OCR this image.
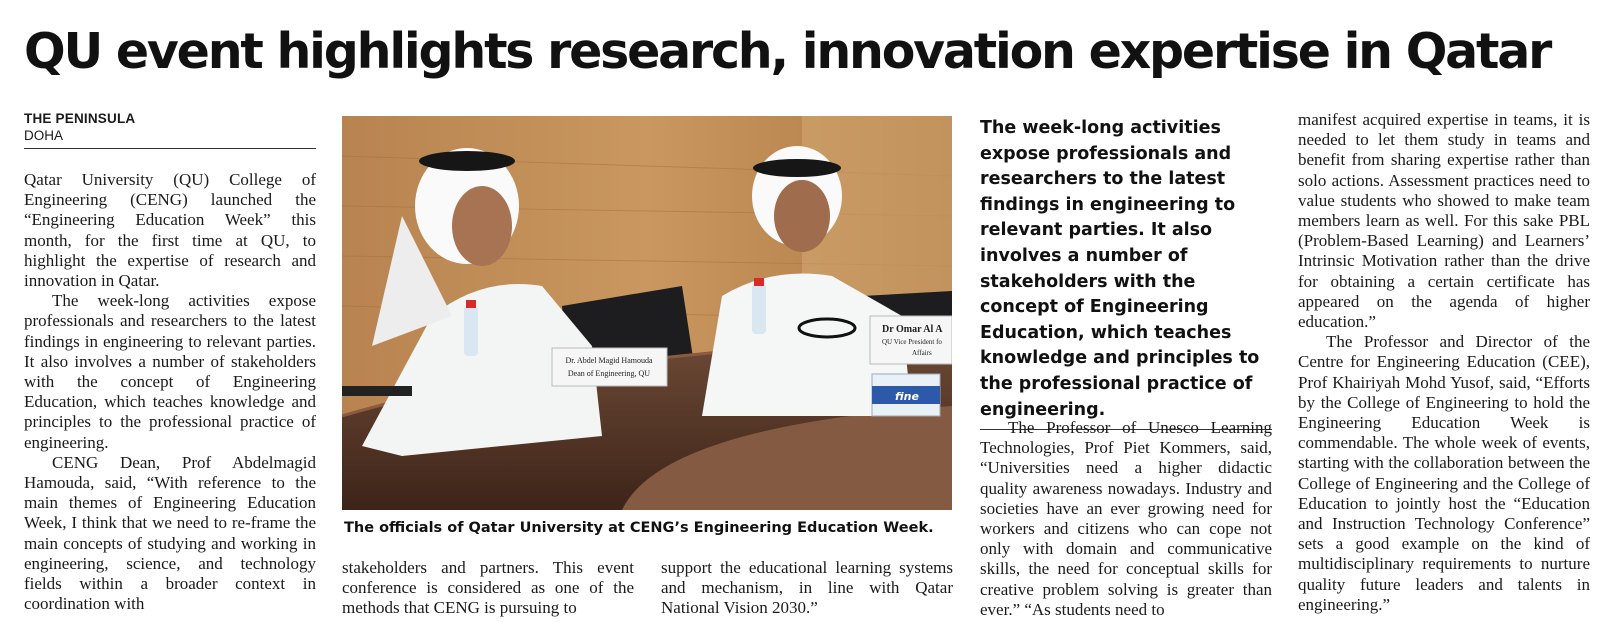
QU event highlights research, innovation expertise in Qatar
THE PENINSULA
DOHA

Qatar University (QU) College of Engineering (CENG) launched the “Engineering Education Week” this month, for the first time at QU, to highlight the expertise of research and innovation in Qatar.

The week-long activities expose professionals and researchers to the latest findings in engineering to relevant parties. It also involves a number of stakeholders with the concept of Engineering Education, which teaches knowledge and principles to the professional practice of engineering.

CENG Dean, Prof Abdelmagid Hamouda, said, “With reference to the main themes of Engineering Education Week, I think that we need to re-frame the main concepts of studying and working in engineering, science, and technology fields within a broader context in coordination with

Dr. Abdel Magid Hamouda
Dean of Engineering, QU
Dr Omar Al A
QU Vice President fo
Affairs
fine
The officials of Qatar University at CENG’s Engineering Education Week.
The week-long activities expose professionals and researchers to the latest findings in engineering to relevant parties. It also involves a number of stakeholders with the concept of Engineering Education, which teaches knowledge and principles to the professional practice of engineering.

stakeholders and partners. This event conference is considered as one of the methods that CENG is pursuing to

support the educational learning systems and mechanism, in line with Qatar National Vision 2030.”

The Professor of Unesco Learning Technologies, Prof Piet Kommers, said, “Universities need a higher didactic quality awareness nowadays. Industry and societies have an ever growing need for workers and citizens who can cope not only with domain and communicative skills, the need for conceptual skills for creative problem solving is greater than ever.” “As students need to

manifest acquired expertise in teams, it is needed to let them study in teams and benefit from sharing expertise rather than solo actions. Assessment practices need to value students who showed to make team members learn as well. For this sake PBL (Problem-Based Learning) and Learners’ Intrinsic Motivation rather than the drive for obtaining a certain certificate has appeared on the agenda of higher education.”

The Professor and Director of the Centre for Engineering Education (CEE), Prof Khairiyah Mohd Yusof, said, “Efforts by the College of Engineering to hold the Engineering Education Week is commendable. The whole week of events, starting with the collaboration between the College of Engineering and the College of Education to jointly host the “Education and Instruction Technology Conference” sets a good example on the kind of multidisciplinary requirements to nurture quality future leaders and talents in engineering.”
